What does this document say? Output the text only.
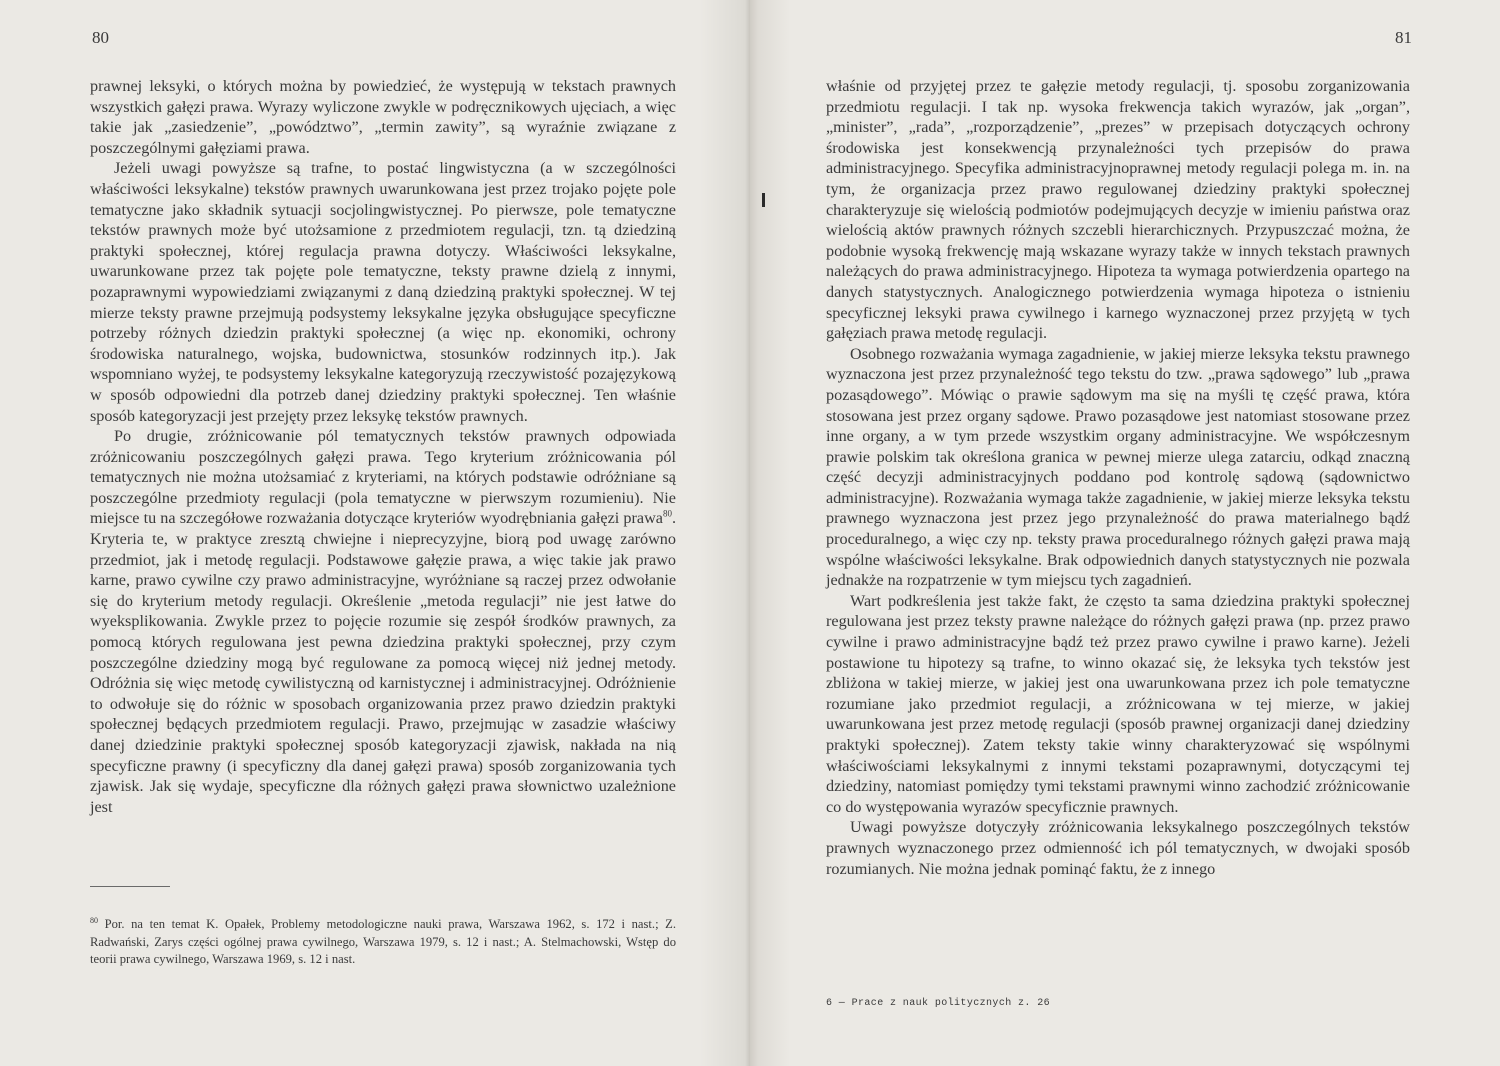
80

prawnej leksyki, o których można by powiedzieć, że występują w tekstach prawnych wszystkich gałęzi prawa. Wyrazy wyliczone zwykle w podręcznikowych ujęciach, a więc takie jak „zasiedzenie”, „powództwo”, „termin zawity”, są wyraźnie związane z poszczególnymi gałęziami prawa.

Jeżeli uwagi powyższe są trafne, to postać lingwistyczna (a w szczególności właściwości leksykalne) tekstów prawnych uwarunkowana jest przez trojako pojęte pole tematyczne jako składnik sytuacji socjolingwistycznej. Po pierwsze, pole tematyczne tekstów prawnych może być utożsamione z przedmiotem regulacji, tzn. tą dziedziną praktyki społecznej, której regulacja prawna dotyczy. Właściwości leksykalne, uwarunkowane przez tak pojęte pole tematyczne, teksty prawne dzielą z innymi, pozaprawnymi wypowiedziami związanymi z daną dziedziną praktyki społecznej. W tej mierze teksty prawne przejmują podsystemy leksykalne języka obsługujące specyficzne potrzeby różnych dziedzin praktyki społecznej (a więc np. ekonomiki, ochrony środowiska naturalnego, wojska, budownictwa, stosunków rodzinnych itp.). Jak wspomniano wyżej, te podsystemy leksykalne kategoryzują rzeczywistość pozajęzykową w sposób odpowiedni dla potrzeb danej dziedziny praktyki społecznej. Ten właśnie sposób kategoryzacji jest przejęty przez leksykę tekstów prawnych.

Po drugie, zróżnicowanie pól tematycznych tekstów prawnych odpowiada zróżnicowaniu poszczególnych gałęzi prawa. Tego kryterium zróżnicowania pól tematycznych nie można utożsamiać z kryteriami, na których podstawie odróżniane są poszczególne przedmioty regulacji (pola tematyczne w pierwszym rozumieniu). Nie miejsce tu na szczegółowe rozważania dotyczące kryteriów wyodrębniania gałęzi prawa$^{80}$. Kryteria te, w praktyce zresztą chwiejne i nieprecyzyjne, biorą pod uwagę zarówno przedmiot, jak i metodę regulacji. Podstawowe gałęzie prawa, a więc takie jak prawo karne, prawo cywilne czy prawo administracyjne, wyróżniane są raczej przez odwołanie się do kryterium metody regulacji. Określenie „metoda regulacji” nie jest łatwe do wyeksplikowania. Zwykle przez to pojęcie rozumie się zespół środków prawnych, za pomocą których regulowana jest pewna dziedzina praktyki społecznej, przy czym poszczególne dziedziny mogą być regulowane za pomocą więcej niż jednej metody. Odróżnia się więc metodę cywilistyczną od karnistycznej i administracyjnej. Odróżnienie to odwołuje się do różnic w sposobach organizowania przez prawo dziedzin praktyki społecznej będących przedmiotem regulacji. Prawo, przejmując w zasadzie właściwy danej dziedzinie praktyki społecznej sposób kategoryzacji zjawisk, nakłada na nią specyficzne prawny (i specyficzny dla danej gałęzi prawa) sposób zorganizowania tych zjawisk. Jak się wydaje, specyficzne dla różnych gałęzi prawa słownictwo uzależnione jest

$^{80}$ Por. na ten temat K. Opałek, Problemy metodologiczne nauki prawa, Warszawa 1962, s. 172 i nast.; Z. Radwański, Zarys części ogólnej prawa cywilnego, Warszawa 1979, s. 12 i nast.; A. Stelmachowski, Wstęp do teorii prawa cywilnego, Warszawa 1969, s. 12 i nast.
81

właśnie od przyjętej przez te gałęzie metody regulacji, tj. sposobu zorganizowania przedmiotu regulacji. I tak np. wysoka frekwencja takich wyrazów, jak „organ”, „minister”, „rada”, „rozporządzenie”, „prezes” w przepisach dotyczących ochrony środowiska jest konsekwencją przynależności tych przepisów do prawa administracyjnego. Specyfika administracyjnoprawnej metody regulacji polega m. in. na tym, że organizacja przez prawo regulowanej dziedziny praktyki społecznej charakteryzuje się wielością podmiotów podejmujących decyzje w imieniu państwa oraz wielością aktów prawnych różnych szczebli hierarchicznych. Przypuszczać można, że podobnie wysoką frekwencję mają wskazane wyrazy także w innych tekstach prawnych należących do prawa administracyjnego. Hipoteza ta wymaga potwierdzenia opartego na danych statystycznych. Analogicznego potwierdzenia wymaga hipoteza o istnieniu specyficznej leksyki prawa cywilnego i karnego wyznaczonej przez przyjętą w tych gałęziach prawa metodę regulacji.

Osobnego rozważania wymaga zagadnienie, w jakiej mierze leksyka tekstu prawnego wyznaczona jest przez przynależność tego tekstu do tzw. „prawa sądowego” lub „prawa pozasądowego”. Mówiąc o prawie sądowym ma się na myśli tę część prawa, która stosowana jest przez organy sądowe. Prawo pozasądowe jest natomiast stosowane przez inne organy, a w tym przede wszystkim organy administracyjne. We współczesnym prawie polskim tak określona granica w pewnej mierze ulega zatarciu, odkąd znaczną część decyzji administracyjnych poddano pod kontrolę sądową (sądownictwo administracyjne). Rozważania wymaga także zagadnienie, w jakiej mierze leksyka tekstu prawnego wyznaczona jest przez jego przynależność do prawa materialnego bądź proceduralnego, a więc czy np. teksty prawa proceduralnego różnych gałęzi prawa mają wspólne właściwości leksykalne. Brak odpowiednich danych statystycznych nie pozwala jednakże na rozpatrzenie w tym miejscu tych zagadnień.

Wart podkreślenia jest także fakt, że często ta sama dziedzina praktyki społecznej regulowana jest przez teksty prawne należące do różnych gałęzi prawa (np. przez prawo cywilne i prawo administracyjne bądź też przez prawo cywilne i prawo karne). Jeżeli postawione tu hipotezy są trafne, to winno okazać się, że leksyka tych tekstów jest zbliżona w takiej mierze, w jakiej jest ona uwarunkowana przez ich pole tematyczne rozumiane jako przedmiot regulacji, a zróżnicowana w tej mierze, w jakiej uwarunkowana jest przez metodę regulacji (sposób prawnej organizacji danej dziedziny praktyki społecznej). Zatem teksty takie winny charakteryzować się wspólnymi właściwościami leksykalnymi z innymi tekstami pozaprawnymi, dotyczącymi tej dziedziny, natomiast pomiędzy tymi tekstami prawnymi winno zachodzić zróżnicowanie co do występowania wyrazów specyficznie prawnych.

Uwagi powyższe dotyczyły zróżnicowania leksykalnego poszczególnych tekstów prawnych wyznaczonego przez odmienność ich pól tematycznych, w dwojaki sposób rozumianych. Nie można jednak pominąć faktu, że z innego

6 — Prace z nauk politycznych z. 26
